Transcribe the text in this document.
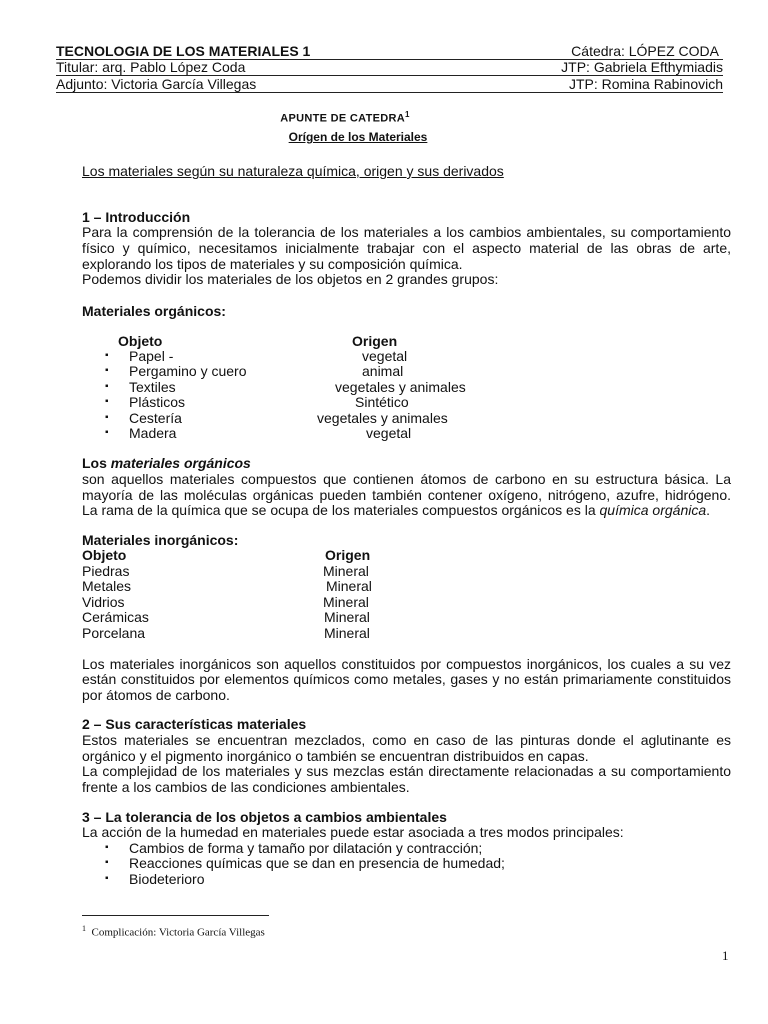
TECNOLOGIA DE LOS MATERIALES 1	Cátedra: LÓPEZ CODA
Titular: arq. Pablo López Coda	JTP: Gabriela Efthymiadis
Adjunto: Victoria García Villegas	JTP: Romina Rabinovich
APUNTE DE CATEDRA$^1$
Orígen de los Materiales
Los materiales según su naturaleza química, origen y sus derivados
1 – Introducción
Para la comprensión de la tolerancia de los materiales a los cambios ambientales, su comportamiento
físico y químico, necesitamos inicialmente trabajar con el aspecto material de las obras de arte,
explorando los tipos de materiales y su composición química.
Podemos dividir los materiales de los objetos en 2 grandes grupos:
Materiales orgánicos:
Objeto	Origen
▪ Papel -	vegetal
▪ Pergamino y cuero	animal
▪ Textiles	vegetales y animales
▪ Plásticos	Sintético
▪ Cestería	vegetales y animales
▪ Madera	vegetal
Los materiales orgánicos
son aquellos materiales compuestos que contienen átomos de carbono en su estructura básica. La
mayoría de las moléculas orgánicas pueden también contener oxígeno, nitrógeno, azufre, hidrógeno.
La rama de la química que se ocupa de los materiales compuestos orgánicos es la química orgánica.
Materiales inorgánicos:
Objeto	Origen
Piedras	Mineral
Metales	Mineral
Vidrios	Mineral
Cerámicas	Mineral
Porcelana	Mineral
Los materiales inorgánicos son aquellos constituidos por compuestos inorgánicos, los cuales a su vez
están constituidos por elementos químicos como metales, gases y no están primariamente constituidos
por átomos de carbono.
2 – Sus características materiales
Estos materiales se encuentran mezclados, como en caso de las pinturas donde el aglutinante es
orgánico y el pigmento inorgánico o también se encuentran distribuidos en capas.
La complejidad de los materiales y sus mezclas están directamente relacionadas a su comportamiento
frente a los cambios de las condiciones ambientales.
3 – La tolerancia de los objetos a cambios ambientales
La acción de la humedad en materiales puede estar asociada a tres modos principales:
▪ Cambios de forma y tamaño por dilatación y contracción;
▪ Reacciones químicas que se dan en presencia de humedad;
▪ Biodeterioro
$^1$ Complicación: Victoria García Villegas
1
